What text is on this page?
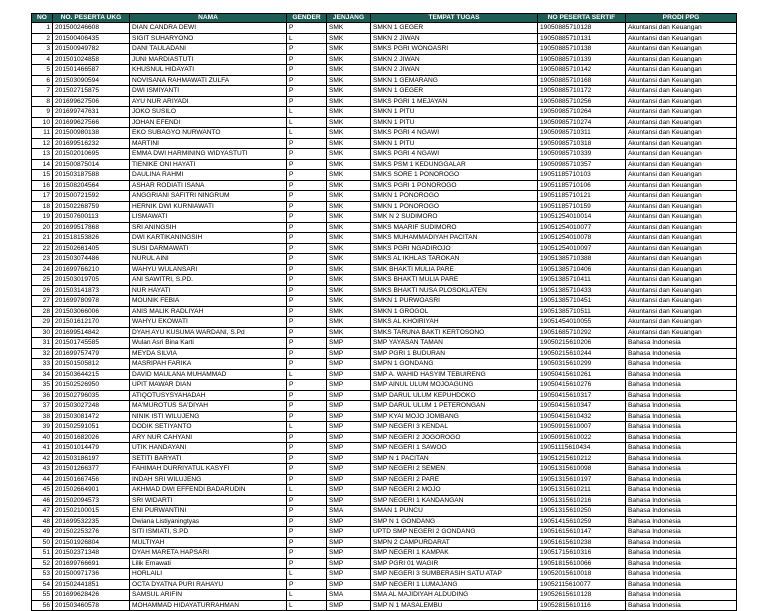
NO	NO. PESERTA UKG	NAMA	GENDER	JENJANG	TEMPAT TUGAS	NO PESERTA SERTIF	PRODI PPG
1	201500246608	DIAN CANDRA DEWI	P	SMK	SMKN 1 GEGER	19050885710128	Akuntansi dan Keuangan
2	201500406435	SIGIT SUHARYONO	L	SMK	SMKN 2 JIWAN	19050885710131	Akuntansi dan Keuangan
3	201500949782	DANI TAULADANI	P	SMK	SMKS PGRI WONOASRI	19050885710138	Akuntansi dan Keuangan
4	201501024858	JUNI MARDIASTUTI	P	SMK	SMKN 2 JIWAN	19050885710139	Akuntansi dan Keuangan
5	201501466587	KHUSNUL HIDAYATI	P	SMK	SMKN 2 JIWAN	19050885710142	Akuntansi dan Keuangan
6	201503090594	NOVISANA RAHMAWATI ZULFA	P	SMK	SMKN 1 GEMARANG	19050885710168	Akuntansi dan Keuangan
7	201502715875	DWI ISMIYANTI	P	SMK	SMKN 1 GEGER	19050885710172	Akuntansi dan Keuangan
8	201699627506	AYU NUR ARIYADI	P	SMK	SMKS PGRI 1 MEJAYAN	19050885710256	Akuntansi dan Keuangan
9	201699747631	JOKO SUSILO	L	SMK	SMKN 1 PITU	19050985710264	Akuntansi dan Keuangan
10	201699627566	JOHAN EFENDI	L	SMK	SMKN 1 PITU	19050985710274	Akuntansi dan Keuangan
11	201500980138	EKO SUBAGYO NURWANTO	L	SMK	SMKS PGRI 4 NGAWI	19050985710311	Akuntansi dan Keuangan
12	201699516232	MARTINI	P	SMK	SMKN 1 PITU	19050985710318	Akuntansi dan Keuangan
13	201502010695	EMMA DWI HARMINING WIDYASTUTI	P	SMK	SMKS PGRI 4 NGAWI	19050985710339	Akuntansi dan Keuangan
14	201500875014	TIENIKE ONI HAYATI	P	SMK	SMKS PSM 1 KEDUNGGALAR	19050985710357	Akuntansi dan Keuangan
15	201503187588	DAULINA RAHMI	P	SMK	SMKS SORE 1 PONOROGO	19051185710103	Akuntansi dan Keuangan
16	201508204564	ASHAR RODIATI ISANA	P	SMK	SMKS PGRI 1 PONOROGO	19051185710106	Akuntansi dan Keuangan
17	201500721592	ANGGRIANI SAFITRI NINGRUM	P	SMK	SMKN 1 PONOROGO	19051185710121	Akuntansi dan Keuangan
18	201502268759	HERNIK DWI KURNIAWATI	P	SMK	SMKN 1 PONOROGO	19051185710159	Akuntansi dan Keuangan
19	201507600113	LISMAWATI	P	SMK	SMK N 2 SUDIMORO	19051254010014	Akuntansi dan Keuangan
20	201699517868	SRI ANINGSIH	P	SMK	SMKS MAARIF SUDIMORO	19051254010077	Akuntansi dan Keuangan
21	201518153826	DWI KARTIKANINGSIH	P	SMK	SMKS MUHAMMADIYAH PACITAN	19051254010078	Akuntansi dan Keuangan
22	201502661405	SUSI DARMAWATI	P	SMK	SMKS PGRI NGADIROJO	19051254010097	Akuntansi dan Keuangan
23	201503074486	NURUL AINI	P	SMK	SMKS AL IKHLAS TAROKAN	19051385710388	Akuntansi dan Keuangan
24	201699766210	WAHYU WULANSARI	P	SMK	SMK BHAKTI MULIA PARE	19051385710406	Akuntansi dan Keuangan
25	201503019705	ANI SAWITRI, S.PD.	P	SMK	SMKS BHAKTI MULIA PARE	19051385710411	Akuntansi dan Keuangan
26	201503141873	NUR HAYATI	P	SMK	SMKS BHAKTI NUSA PLOSOKLATEN	19051385710433	Akuntansi dan Keuangan
27	201699780978	MOUNIK FEBIA	P	SMK	SMKN 1 PURWOASRI	19051385710451	Akuntansi dan Keuangan
28	201503066006	ANIS MALIK RADLIYAH	P	SMK	SMKN 1 GROGOL	19051385710511	Akuntansi dan Keuangan
29	201501612170	WAHYU EKOWATI	P	SMK	SMKS AL KHOIRIYAH	19051454010055	Akuntansi dan Keuangan
30	201699514842	DYAH AYU KUSUMA WARDANI, S.Pd	P	SMK	SMKS TARUNA BAKTI KERTOSONO	19051685710292	Akuntansi dan Keuangan
31	201501745585	Wulan Asri Bina Karti	P	SMP	SMP YAYASAN TAMAN	19050215610206	Bahasa Indonesia
32	201699757479	MEYDA SILVIA	P	SMP	SMP PGRI 1 BUDURAN	19050215610244	Bahasa Indonesia
33	201501505812	MASRIPAH FARIKA	P	SMP	SMPN 1 GONDANG	19050315610299	Bahasa Indonesia
34	201503644215	DAVID MAULANA MUHAMMAD	L	SMP	SMP A. WAHID HASYIM TEBUIRENG	19050415610261	Bahasa Indonesia
35	201502526950	UPIT MAWAR DIAN	P	SMP	SMP AINUL ULUM MOJOAGUNG	19050415610276	Bahasa Indonesia
36	201502796035	ATIQOTUSYSYAHADAH	P	SMP	SMP DARUL ULUM KEPUHDOKO	19050415610317	Bahasa Indonesia
37	201503027248	MA'MUROTUS SA'DIYAH	P	SMP	SMP DARUL ULUM 1 PETERONGAN	19050415610347	Bahasa Indonesia
38	201503081472	NINIK ISTI WILUJENG	P	SMP	SMP KYAI MOJO JOMBANG	19050415610432	Bahasa Indonesia
39	201502591051	DODIK SETIYANTO	L	SMP	SMP NEGERI 3 KENDAL	19050915610007	Bahasa Indonesia
40	201501682026	ARY NUR CAHYANI	P	SMP	SMP NEGERI 2 JOGOROGO	19050915610022	Bahasa Indonesia
41	201501014479	UTIK HANDAYANI	P	SMP	SMP NEGERI 1 SAWOO	19051115610434	Bahasa Indonesia
42	201503186197	SETITI BARYATI	P	SMP	SMP N 1 PACITAN	19051215610212	Bahasa Indonesia
43	201501266377	FAHIMAH DURRIYATUL KASYFI	P	SMP	SMP NEGERI 2 SEMEN	19051315610098	Bahasa Indonesia
44	201501667456	INDAH SRI WILUJENG	P	SMP	SMP NEGERI 2 PARE	19051315610197	Bahasa Indonesia
45	201502664901	AKHMAD DWI EFFENDI BADARUDIN	L	SMP	SMP NEGERI 2 MOJO	19051315610211	Bahasa Indonesia
46	201502094573	SRI WIDARTI	P	SMP	SMP NEGERI 1 KANDANGAN	19051315610216	Bahasa Indonesia
47	201502100015	ENI PURWANTINI	P	SMA	SMAN 1 PUNCU	19051315610250	Bahasa Indonesia
48	201699532235	Dwiana Listiyaningtyas	P	SMP	SMP N 1 GONDANG	19051415610259	Bahasa Indonesia
49	201502253276	SITI ISMIATI, S.PD	P	SMP	UPTD SMP NEGERI 2 GONDANG	19051615610147	Bahasa Indonesia
50	201501926804	MULTIYAH	P	SMP	SMPN 2 CAMPURDARAT	19051615610238	Bahasa Indonesia
51	201502371348	DYAH MARETA HAPSARI	P	SMP	SMP NEGERI 1 KAMPAK	19051715610316	Bahasa Indonesia
52	201699766691	Lilik Ernawati	P	SMP	SMP PGRI 01 WAGIR	19051815610066	Bahasa Indonesia
53	201500971736	HORLAILI	L	SMP	SMP NEGERI 3 SUMBERASIH SATU ATAP	19052015610018	Bahasa Indonesia
54	201502441851	OCTA DYATNA PURI RAHAYU	P	SMP	SMP NEGERI 1 LUMAJANG	19052115610077	Bahasa Indonesia
55	201699628426	SAMSUL ARIFIN	L	SMA	SMA AL MAJIDIYAH ALDUDING	19052615610128	Bahasa Indonesia
56	201503460578	MOHAMMAD HIDAYATURRAHMAN	L	SMP	SMP N 1 MASALEMBU	19052815610116	Bahasa Indonesia
